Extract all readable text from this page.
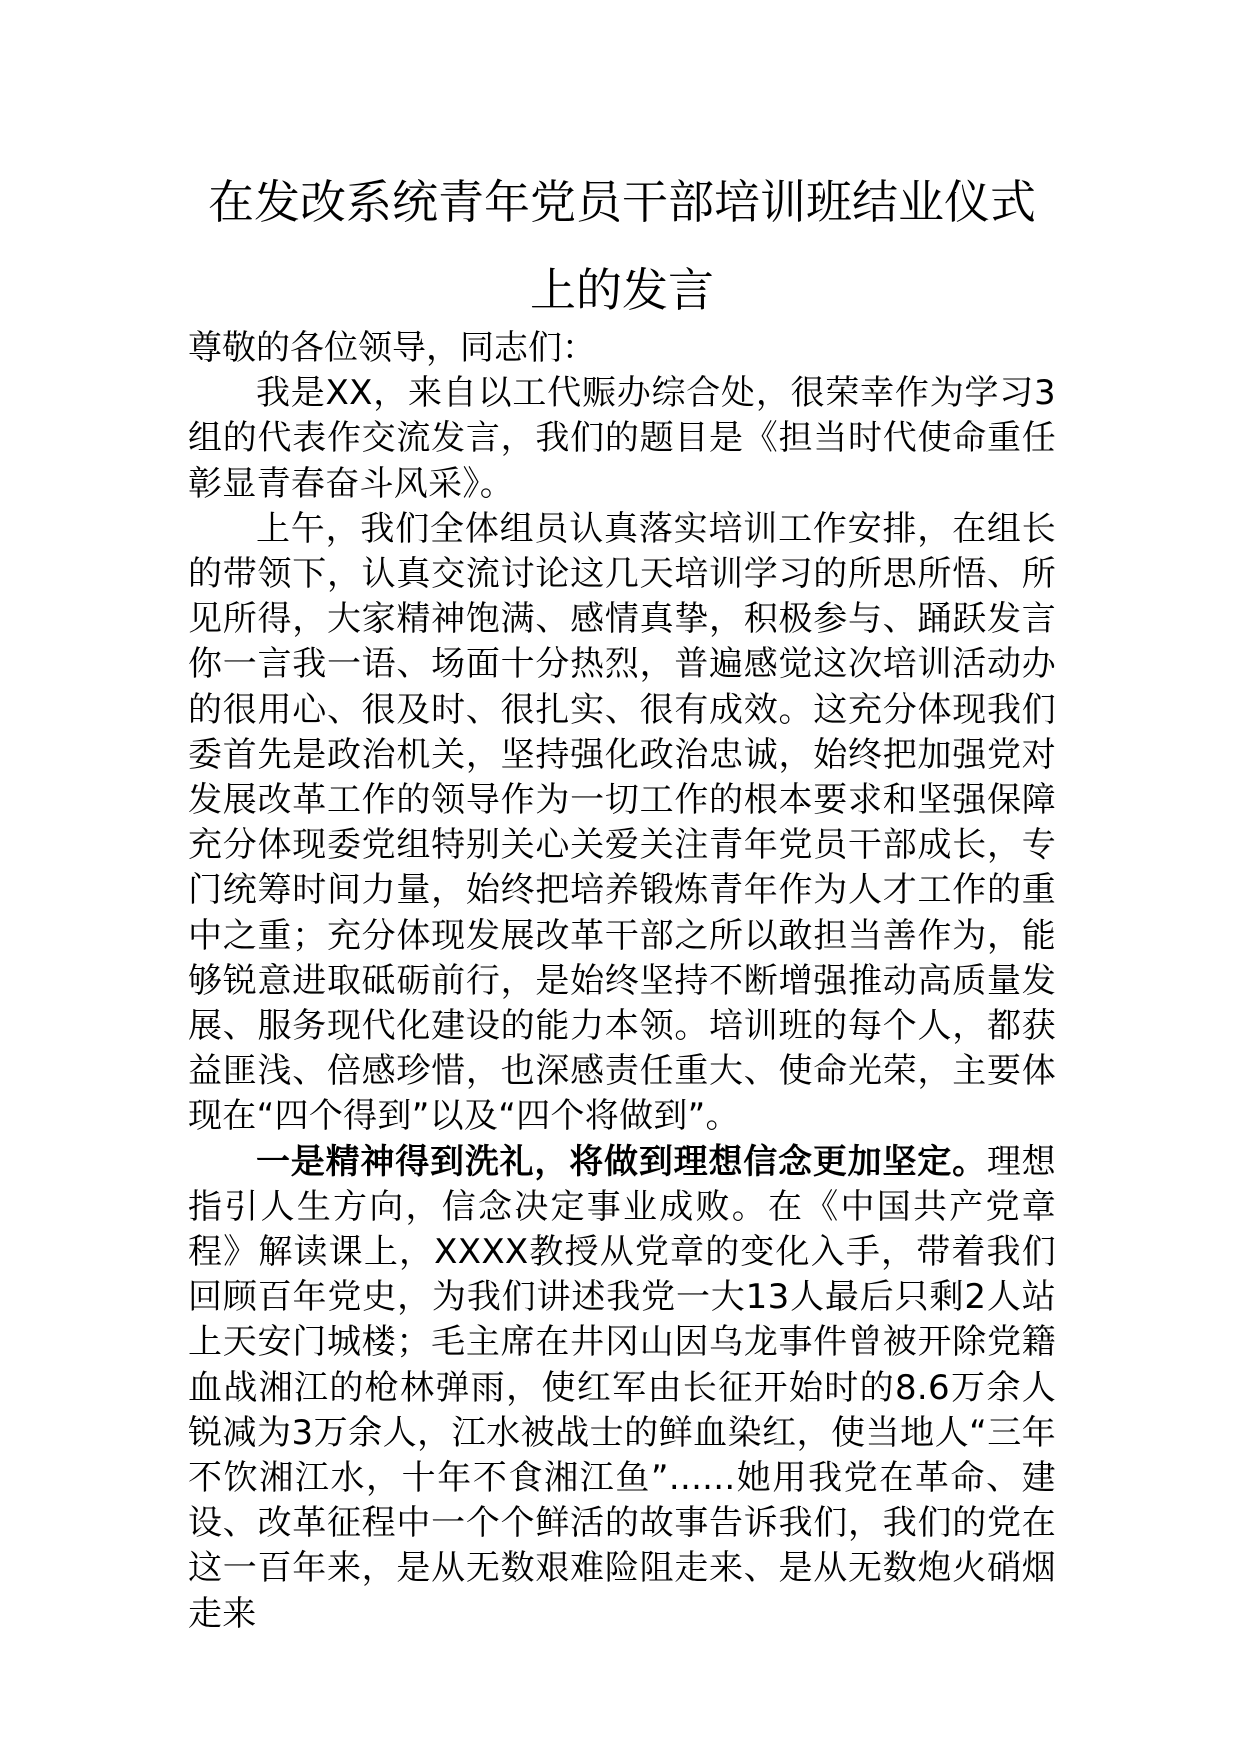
在发改系统青年党员干部培训班结业仪式
上的发言

尊敬的各位领导，同志们：

我是XX，来自以工代赈办综合处，很荣幸作为学习3组的代表作交流发言，我们的题目是《担当时代使命重任彰显青春奋斗风采》。

上午，我们全体组员认真落实培训工作安排，在组长的带领下，认真交流讨论这几天培训学习的所思所悟、所见所得，大家精神饱满、感情真挚，积极参与、踊跃发言你一言我一语、场面十分热烈，普遍感觉这次培训活动办的很用心、很及时、很扎实、很有成效。这充分体现我们委首先是政治机关，坚持强化政治忠诚，始终把加强党对发展改革工作的领导作为一切工作的根本要求和坚强保障充分体现委党组特别关心关爱关注青年党员干部成长，专门统筹时间力量，始终把培养锻炼青年作为人才工作的重中之重；充分体现发展改革干部之所以敢担当善作为，能够锐意进取砥砺前行，是始终坚持不断增强推动高质量发展、服务现代化建设的能力本领。培训班的每个人，都获益匪浅、倍感珍惜，也深感责任重大、使命光荣，主要体现在“四个得到”以及“四个将做到”。

一是精神得到洗礼，将做到理想信念更加坚定。理想指引人生方向，信念决定事业成败。在《中国共产党章程》解读课上，XXXX教授从党章的变化入手，带着我们回顾百年党史，为我们讲述我党一大13人最后只剩2人站上天安门城楼；毛主席在井冈山因乌龙事件曾被开除党籍血战湘江的枪林弹雨，使红军由长征开始时的8.6万余人锐减为3万余人，江水被战士的鲜血染红，使当地人“三年不饮湘江水，十年不食湘江鱼”......她用我党在革命、建设、改革征程中一个个鲜活的故事告诉我们，我们的党在这一百年来，是从无数艰难险阻走来、是从无数炮火硝烟走来
